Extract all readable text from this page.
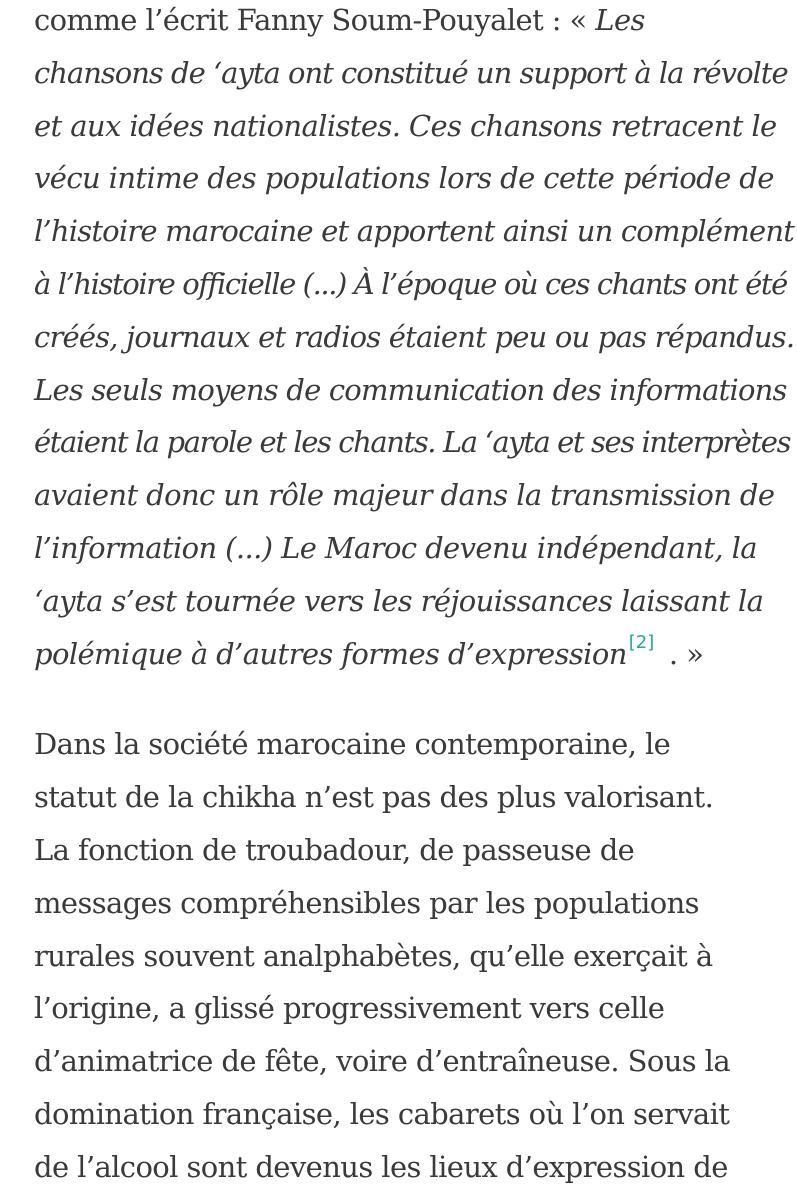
comme l’écrit Fanny Soum-Pouyalet : « Les
chansons de ‘ayta ont constitué un support à la révolte
et aux idées nationalistes. Ces chansons retracent le
vécu intime des populations lors de cette période de
l’histoire marocaine et apportent ainsi un complément
à l’histoire officielle (...) À l’époque où ces chants ont été
créés, journaux et radios étaient peu ou pas répandus.
Les seuls moyens de communication des informations
étaient la parole et les chants. La ‘ayta et ses interprètes
avaient donc un rôle majeur dans la transmission de
l’information (...) Le Maroc devenu indépendant, la
‘ayta s’est tournée vers les réjouissances laissant la
polémique à d’autres formes d’expression [2] . »
Dans la société marocaine contemporaine, le
statut de la chikha n’est pas des plus valorisant.
La fonction de troubadour, de passeuse de
messages compréhensibles par les populations
rurales souvent analphabètes, qu’elle exerçait à
l’origine, a glissé progressivement vers celle
d’animatrice de fête, voire d’entraîneuse. Sous la
domination française, les cabarets où l’on servait
de l’alcool sont devenus les lieux d’expression de
